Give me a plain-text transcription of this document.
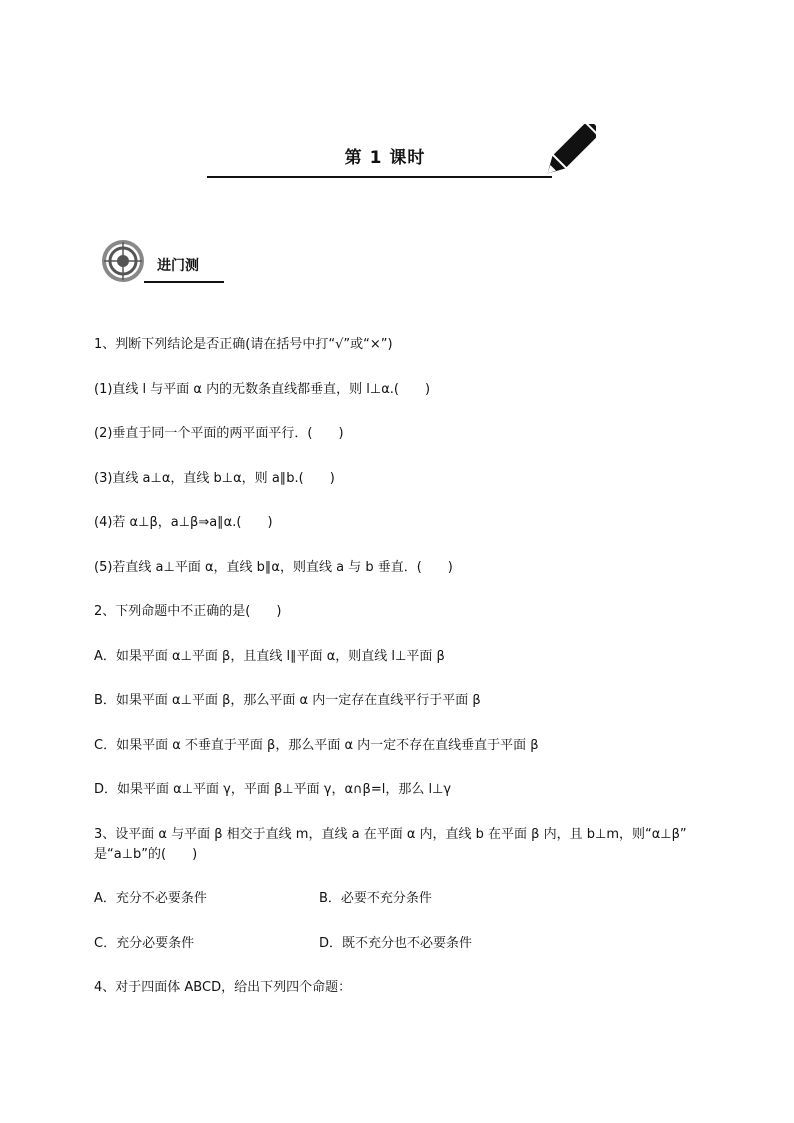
第 1 课时
进门测
1、判断下列结论是否正确(请在括号中打“√”或“×”)
(1)直线 l 与平面 α 内的无数条直线都垂直，则 l⊥α.(　　)
(2)垂直于同一个平面的两平面平行．(　　)
(3)直线 a⊥α，直线 b⊥α，则 a∥b.(　　)
(4)若 α⊥β，a⊥β⇒a∥α.(　　)
(5)若直线 a⊥平面 α，直线 b∥α，则直线 a 与 b 垂直．(　　)
2、下列命题中不正确的是(　　)
A．如果平面 α⊥平面 β，且直线 l∥平面 α，则直线 l⊥平面 β
B．如果平面 α⊥平面 β，那么平面 α 内一定存在直线平行于平面 β
C．如果平面 α 不垂直于平面 β，那么平面 α 内一定不存在直线垂直于平面 β
D．如果平面 α⊥平面 γ，平面 β⊥平面 γ，α∩β=l，那么 l⊥γ
3、设平面 α 与平面 β 相交于直线 m，直线 a 在平面 α 内，直线 b 在平面 β 内，且 b⊥m，则“α⊥β”
是“a⊥b”的(　　)
A．充分不必要条件	B．必要不充分条件
C．充分必要条件	D．既不充分也不必要条件
4、对于四面体 ABCD，给出下列四个命题：
